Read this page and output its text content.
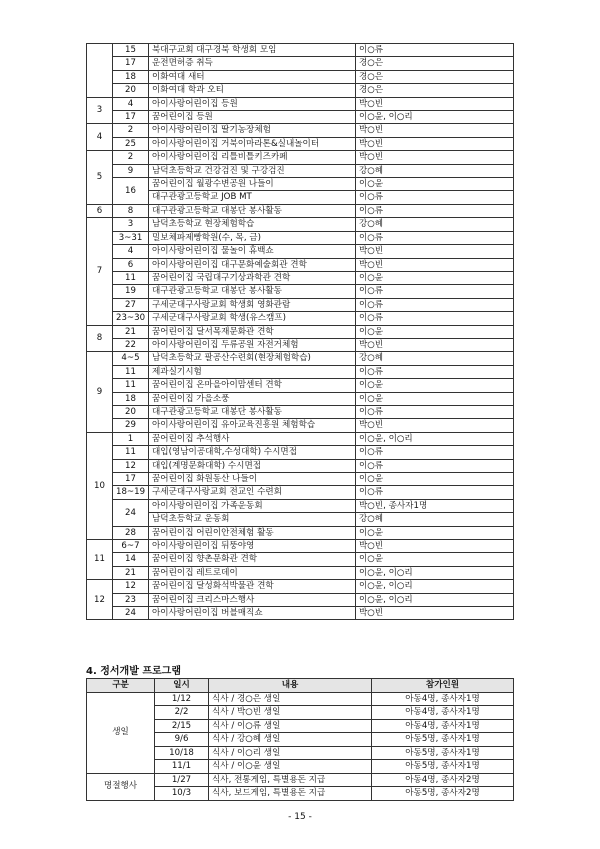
	15	북대구교회 대구경북 학생회 모임	이○류
	17	운전면허증 취득	경○은
	18	이화여대 새터	경○은
	20	이화여대 학과 오티	경○은
3	4	아이사랑어린이집 등원	박○빈
	17	꿈어린이집 등원	이○윤, 이○리
4	2	아이사랑어린이집 딸기농장체험	박○빈
	25	아이사랑어린이집 거북이마라톤&실내놀이터	박○빈
5	2	아이사랑어린이집 리틀비틀키즈카페	박○빈
	9	남덕초등학교 건강검진 및 구강검진	강○혜
	16	꿈어린이집 월광수변공원 나들이	이○윤
		대구관광고등학교 JOB MT	이○류
6	8	대구관광고등학교 대봉단 봉사활동	이○류
7	3	남덕초등학교 현장체험학습	강○혜
	3~31	밀보체파제빵학원(수, 목, 금)	이○류
	4	아이사랑어린이집 물놀이 휴백쇼	박○빈
	6	아이사랑어린이집 대구문화예술회관 견학	박○빈
	11	꿈어린이집 국립대구기상과학관 견학	이○윤
	19	대구관광고등학교 대봉단 봉사활동	이○류
	27	구세군대구사랑교회 학생회 영화관람	이○류
	23~30	구세군대구사랑교회 학생(유스캠프)	이○류
8	21	꿈어린이집 달서목재문화관 견학	이○윤
	22	아이사랑어린이집 두류공원 자전거체험	박○빈
9	4~5	남덕초등학교 팔공산수련회(현장체험학습)	강○혜
	11	제과실기시험	이○류
	11	꿈어린이집 온마을아이맘센터 견학	이○윤
	18	꿈어린이집 가을소풍	이○윤
	20	대구관광고등학교 대봉단 봉사활동	이○류
	29	아이사랑어린이집 유아교육진흥원 체험학습	박○빈
10	1	꿈어린이집 추석행사	이○윤, 이○리
	11	대입(영남이공대학,수성대학) 수시면접	이○류
	12	대입(계명문화대학) 수시면접	이○류
	17	꿈어린이집 화원동산 나들이	이○윤
	18~19	구세군대구사랑교회 전교인 수련회	이○류
	24	아이사랑어린이집 가족운동회	박○빈, 종사자1명
		남덕초등학교 운동회	강○혜
	28	꿈어린이집 어린이안전체험 활동	이○윤
11	6~7	아이사랑어린이집 뒤뚱야영	박○빈
	14	꿈어린이집 향촌문화관 견학	이○윤
	21	꿈어린이집 레트로데이	이○윤, 이○리
12	12	꿈어린이집 달성화석박물관 견학	이○윤, 이○리
	23	꿈어린이집 크리스마스행사	이○윤, 이○리
	24	아이사랑어린이집 버블매직쇼	박○빈
4. 정서개발 프로그램
구분	일시	내용	참가인원
생일	1/12	식사 / 경○은 생일	아동4명, 종사자1명
	2/2	식사 / 박○빈 생일	아동4명, 종사자1명
	2/15	식사 / 이○류 생일	아동4명, 종사자1명
	9/6	식사 / 강○혜 생일	아동5명, 종사자1명
	10/18	식사 / 이○리 생일	아동5명, 종사자1명
	11/1	식사 / 이○윤 생일	아동5명, 종사자1명
명절행사	1/27	식사, 전통게임, 특별용돈 지급	아동4명, 종사자2명
	10/3	식사, 보드게임, 특별용돈 지급	아동5명, 종사자2명
- 15 -
